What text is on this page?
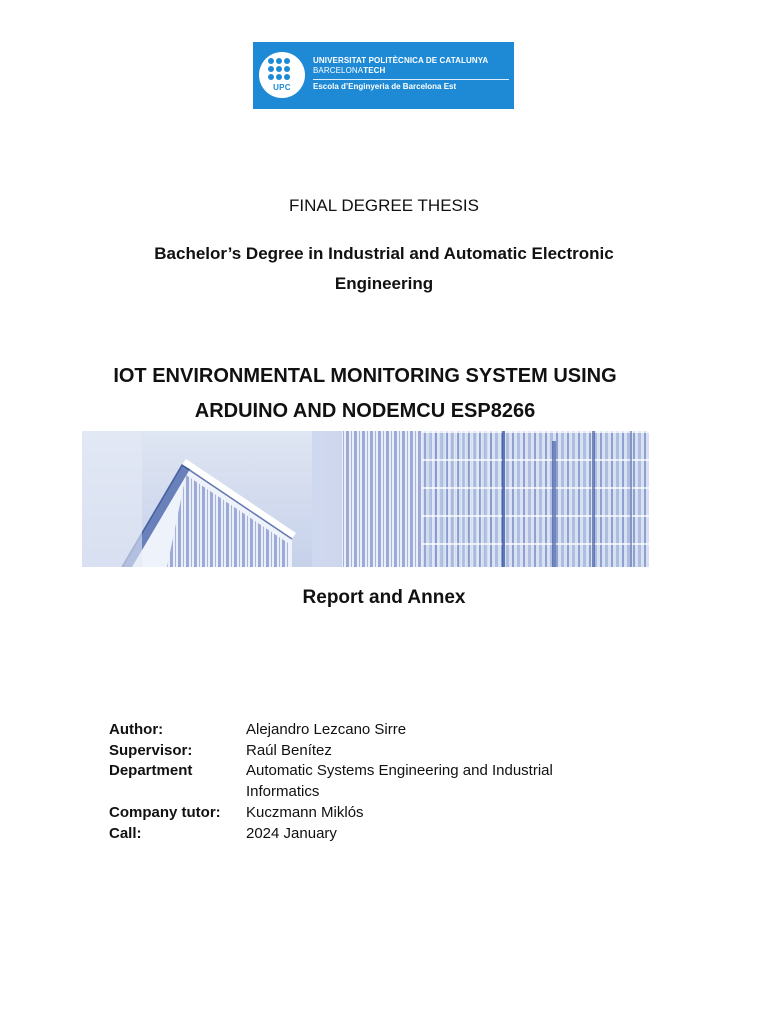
UPC
UNIVERSITAT POLITÈCNICA DE CATALUNYA
BARCELONATECH
Escola d’Enginyeria de Barcelona Est
FINAL DEGREE THESIS
Bachelor’s Degree in Industrial and Automatic Electronic Engineering
IOT ENVIRONMENTAL MONITORING SYSTEM USING ARDUINO AND NODEMCU ESP8266
Report and Annex
Author:	Alejandro Lezcano Sirre
Supervisor:	Raúl Benítez
Department	Automatic Systems Engineering and Industrial Informatics
Company tutor:	Kuczmann Miklós
Call:	2024 January
